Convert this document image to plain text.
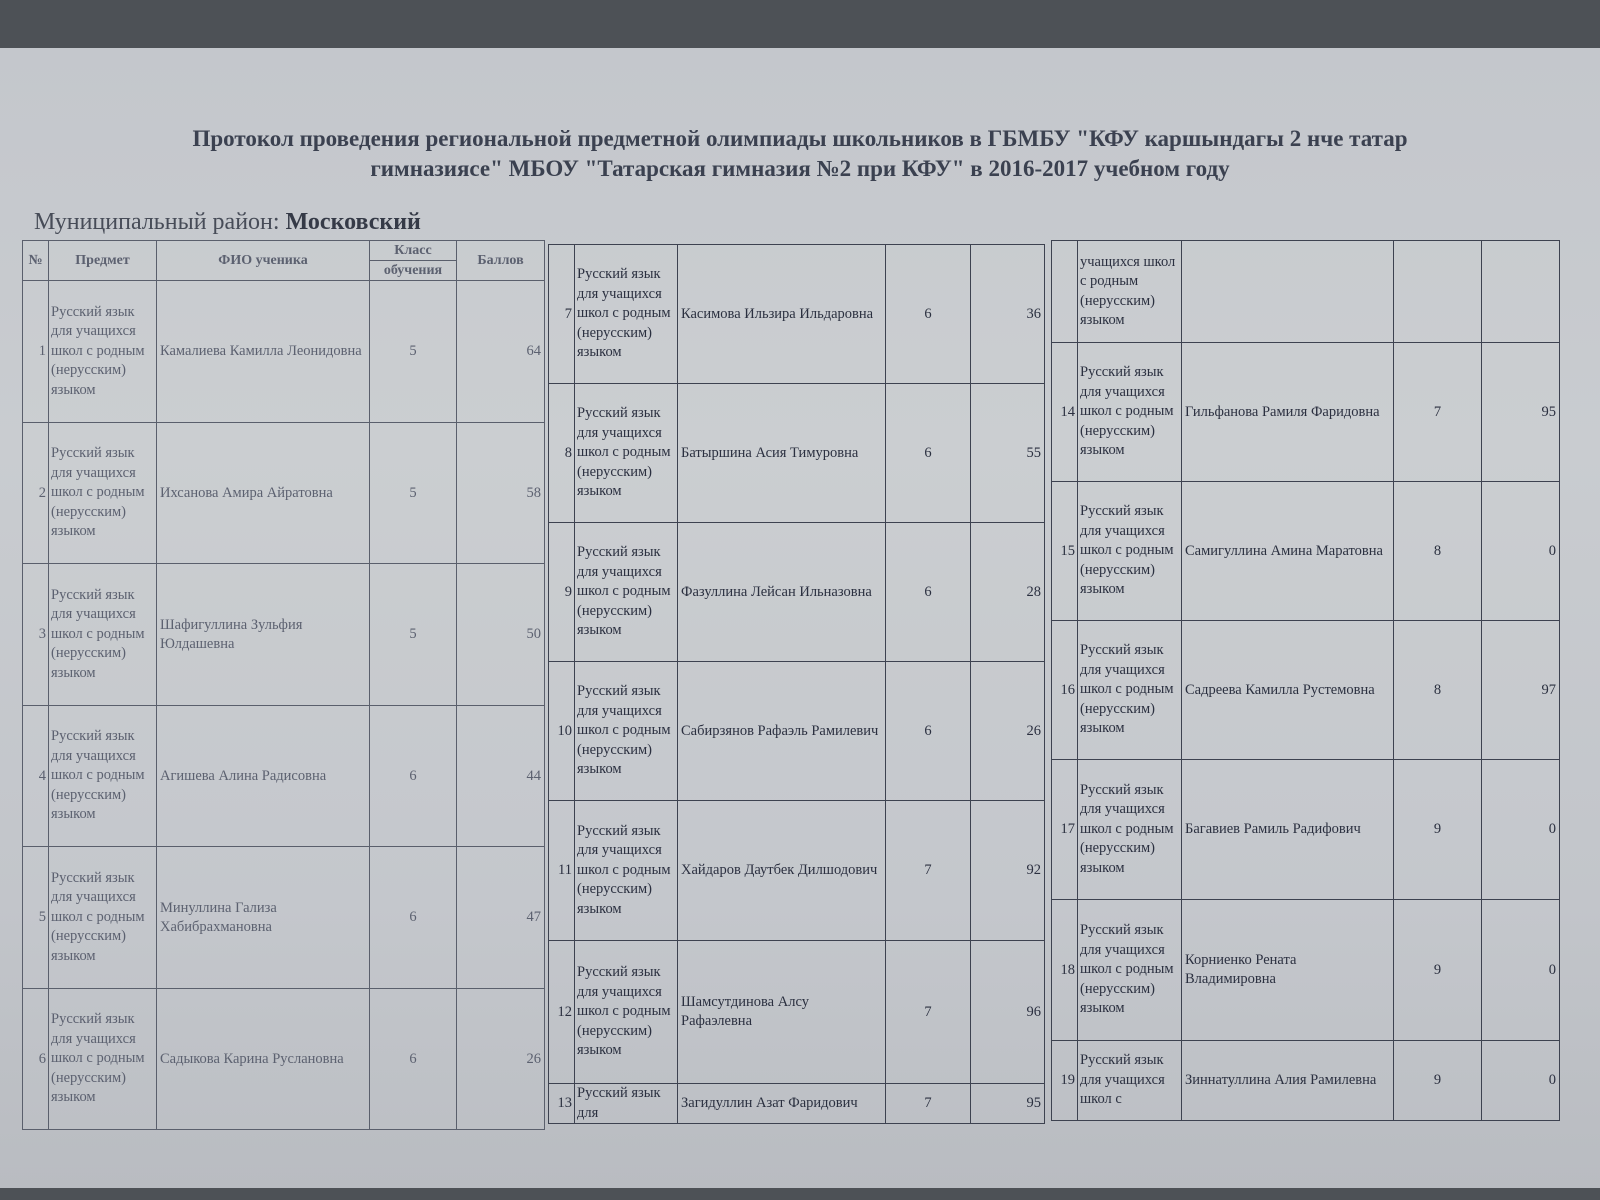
Протокол проведения региональной предметной олимпиады школьников в ГБМБУ "КФУ каршындагы 2 нче татар
гимназиясе" МБОУ "Татарская гимназия №2 при КФУ" в 2016-2017 учебном году
Муниципальный район: Московский
№	Предмет	ФИО ученика	Класс	Баллов
			обучения	
1	Русский язык для учащихся школ с родным (нерусским) языком	Камалиева Камилла Леонидовна	5	64
2	Русский язык для учащихся школ с родным (нерусским) языком	Ихсанова Амира Айратовна	5	58
3	Русский язык для учащихся школ с родным (нерусским) языком	Шафигуллина Зульфия Юлдашевна	5	50
4	Русский язык для учащихся школ с родным (нерусским) языком	Агишева Алина Радисовна	6	44
5	Русский язык для учащихся школ с родным (нерусским) языком	Минуллина Гализа Хабибрахмановна	6	47
6	Русский язык для учащихся школ с родным (нерусским) языком	Садыкова Карина Руслановна	6	26
7	Русский язык для учащихся школ с родным (нерусским) языком	Касимова Ильзира Ильдаровна	6	36
8	Русский язык для учащихся школ с родным (нерусским) языком	Батыршина Асия Тимуровна	6	55
9	Русский язык для учащихся школ с родным (нерусским) языком	Фазуллина Лейсан Ильназовна	6	28
10	Русский язык для учащихся школ с родным (нерусским) языком	Сабирзянов Рафаэль Рамилевич	6	26
11	Русский язык для учащихся школ с родным (нерусским) языком	Хайдаров Даутбек Дилшодович	7	92
12	Русский язык для учащихся школ с родным (нерусским) языком	Шамсутдинова Алсу Рафаэлевна	7	96
13	Русский язык для	Загидуллин Азат Фаридович	7	95
	учащихся школ с родным (нерусским) языком			
14	Русский язык для учащихся школ с родным (нерусским) языком	Гильфанова Рамиля Фаридовна	7	95
15	Русский язык для учащихся школ с родным (нерусским) языком	Самигуллина Амина Маратовна	8	0
16	Русский язык для учащихся школ с родным (нерусским) языком	Садреева Камилла Рустемовна	8	97
17	Русский язык для учащихся школ с родным (нерусским) языком	Багавиев Рамиль Радифович	9	0
18	Русский язык для учащихся школ с родным (нерусским) языком	Корниенко Рената Владимировна	9	0
19	Русский язык для учащихся школ с	Зиннатуллина Алия Рамилевна	9	0
